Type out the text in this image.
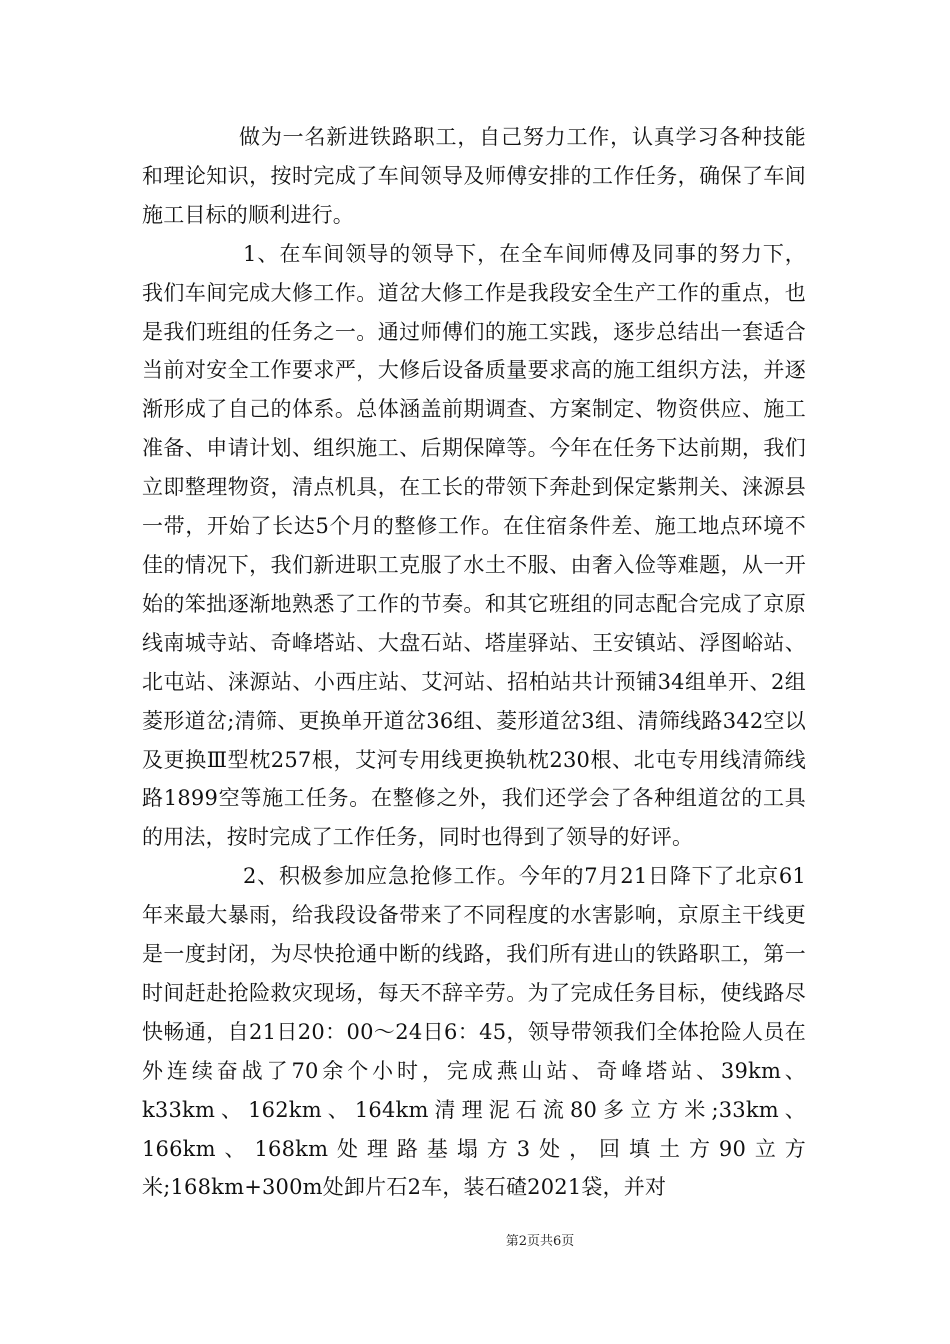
做为一名新进铁路职工，自己努力工作，认真学习各种技能和理论知识，按时完成了车间领导及师傅安排的工作任务，确保了车间施工目标的顺利进行。

1、在车间领导的领导下，在全车间师傅及同事的努力下，我们车间完成大修工作。道岔大修工作是我段安全生产工作的重点，也是我们班组的任务之一。通过师傅们的施工实践，逐步总结出一套适合当前对安全工作要求严，大修后设备质量要求高的施工组织方法，并逐渐形成了自己的体系。总体涵盖前期调查、方案制定、物资供应、施工准备、申请计划、组织施工、后期保障等。今年在任务下达前期，我们立即整理物资，清点机具，在工长的带领下奔赴到保定紫荆关、涞源县一带，开始了长达5个月的整修工作。在住宿条件差、施工地点环境不佳的情况下，我们新进职工克服了水土不服、由奢入俭等难题，从一开始的笨拙逐渐地熟悉了工作的节奏。和其它班组的同志配合完成了京原线南城寺站、奇峰塔站、大盘石站、塔崖驿站、王安镇站、浮图峪站、北屯站、涞源站、小西庄站、艾河站、招柏站共计预铺34组单开、2组菱形道岔;清筛、更换单开道岔36组、菱形道岔3组、清筛线路342空以及更换Ⅲ型枕257根，艾河专用线更换轨枕230根、北屯专用线清筛线路1899空等施工任务。在整修之外，我们还学会了各种组道岔的工具的用法，按时完成了工作任务，同时也得到了领导的好评。

2、积极参加应急抢修工作。今年的7月21日降下了北京61年来最大暴雨，给我段设备带来了不同程度的水害影响，京原主干线更是一度封闭，为尽快抢通中断的线路，我们所有进山的铁路职工，第一时间赶赴抢险救灾现场，每天不辞辛劳。为了完成任务目标，使线路尽快畅通，自21日20：00～24日6：45，领导带领我们全体抢险人员在外连续奋战了70余个小时，完成燕山站、奇峰塔站、39km、k33km、162km、164km清理泥石流80多立方米;33km、166km、168km处理路基塌方3处，回填土方90立方米;168km+300m处卸片石2车，装石碴2021袋，并对

第2页共6页
